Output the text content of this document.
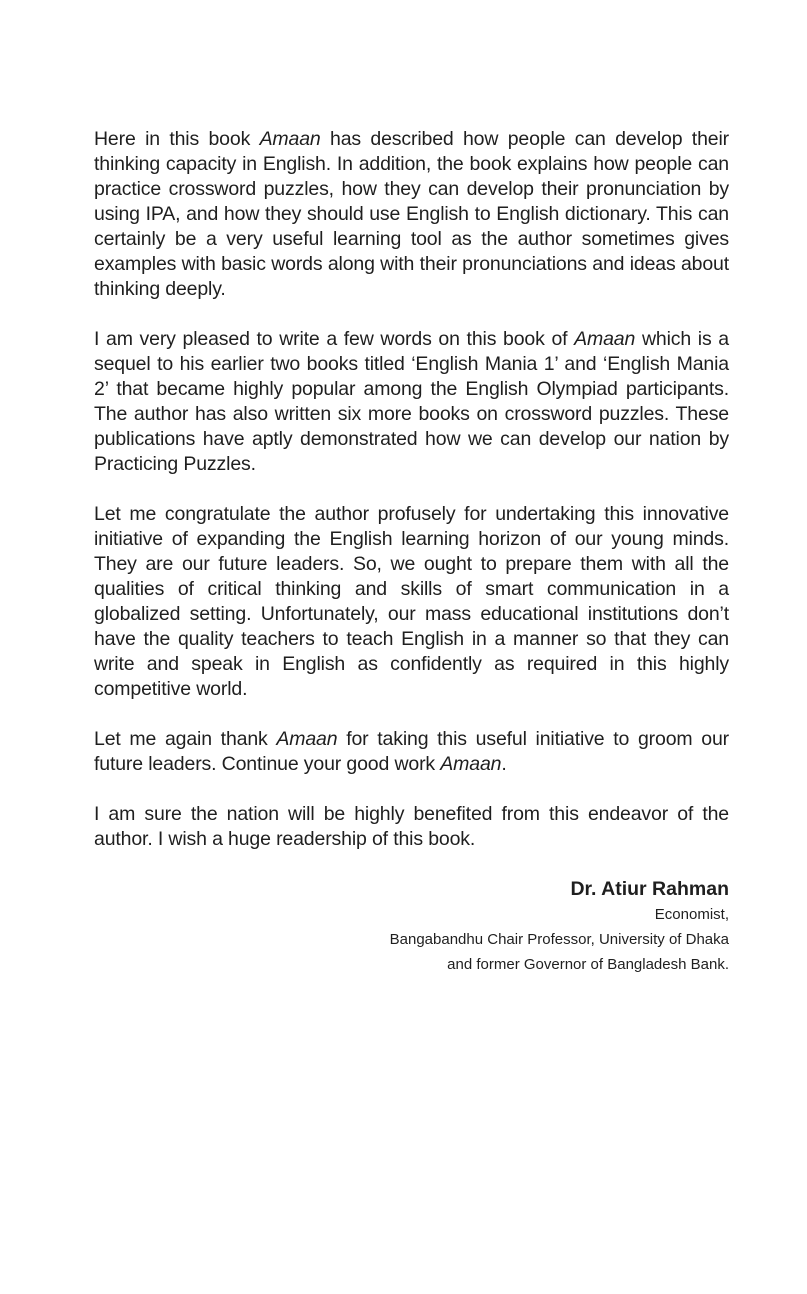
Here in this book Amaan has described how people can develop their thinking capacity in English. In addition, the book explains how people can practice crossword puzzles, how they can develop their pronunciation by using IPA, and how they should use English to English dictionary. This can certainly be a very useful learning tool as the author sometimes gives examples with basic words along with their pronunciations and ideas about thinking deeply.

I am very pleased to write a few words on this book of Amaan which is a sequel to his earlier two books titled ‘English Mania 1’ and ‘English Mania 2’ that became highly popular among the English Olympiad participants. The author has also written six more books on crossword puzzles. These publications have aptly demonstrated how we can develop our nation by Practicing Puzzles.

Let me congratulate the author profusely for undertaking this innovative initiative of expanding the English learning horizon of our young minds. They are our future leaders. So, we ought to prepare them with all the qualities of critical thinking and skills of smart communication in a globalized setting. Unfortunately, our mass educational institutions don’t have the quality teachers to teach English in a manner so that they can write and speak in English as confidently as required in this highly competitive world.

Let me again thank Amaan for taking this useful initiative to groom our future leaders. Continue your good work Amaan.

I am sure the nation will be highly benefited from this endeavor of the author. I wish a huge readership of this book.

Dr. Atiur Rahman

Economist,

Bangabandhu Chair Professor, University of Dhaka

and former Governor of Bangladesh Bank.
